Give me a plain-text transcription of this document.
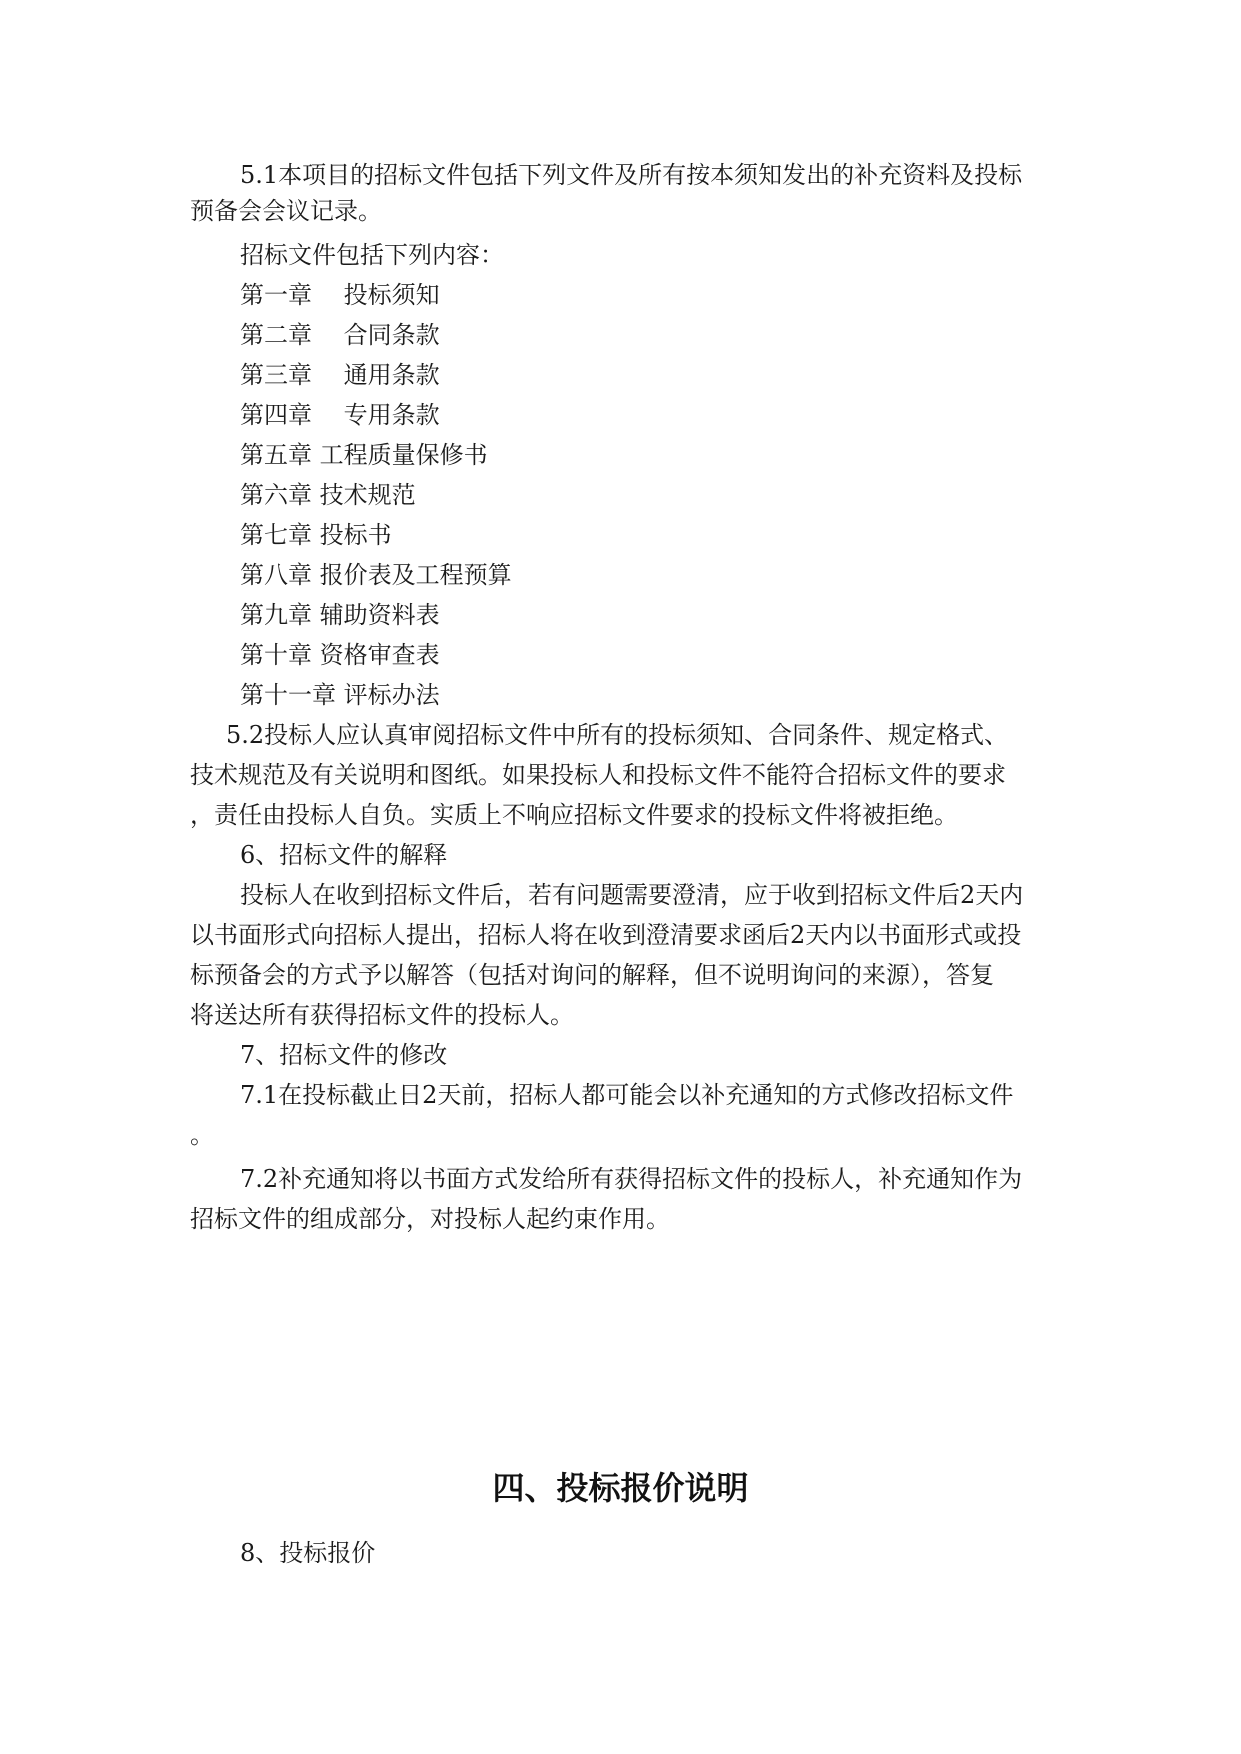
5.1本项目的招标文件包括下列文件及所有按本须知发出的补充资料及投标
预备会会议记录。
招标文件包括下列内容：
第一章　 投标须知
第二章　 合同条款
第三章　 通用条款
第四章　 专用条款
第五章 工程质量保修书
第六章 技术规范
第七章 投标书
第八章 报价表及工程预算
第九章 辅助资料表
第十章 资格审查表
第十一章 评标办法
5.2投标人应认真审阅招标文件中所有的投标须知、合同条件、规定格式、
技术规范及有关说明和图纸。如果投标人和投标文件不能符合招标文件的要求
，责任由投标人自负。实质上不响应招标文件要求的投标文件将被拒绝。
6、招标文件的解释
投标人在收到招标文件后，若有问题需要澄清，应于收到招标文件后2天内
以书面形式向招标人提出，招标人将在收到澄清要求函后2天内以书面形式或投
标预备会的方式予以解答（包括对询问的解释，但不说明询问的来源），答复
将送达所有获得招标文件的投标人。
7、招标文件的修改
7.1在投标截止日2天前，招标人都可能会以补充通知的方式修改招标文件
。
7.2补充通知将以书面方式发给所有获得招标文件的投标人，补充通知作为
招标文件的组成部分，对投标人起约束作用。
8、投标报价
四、投标报价说明
